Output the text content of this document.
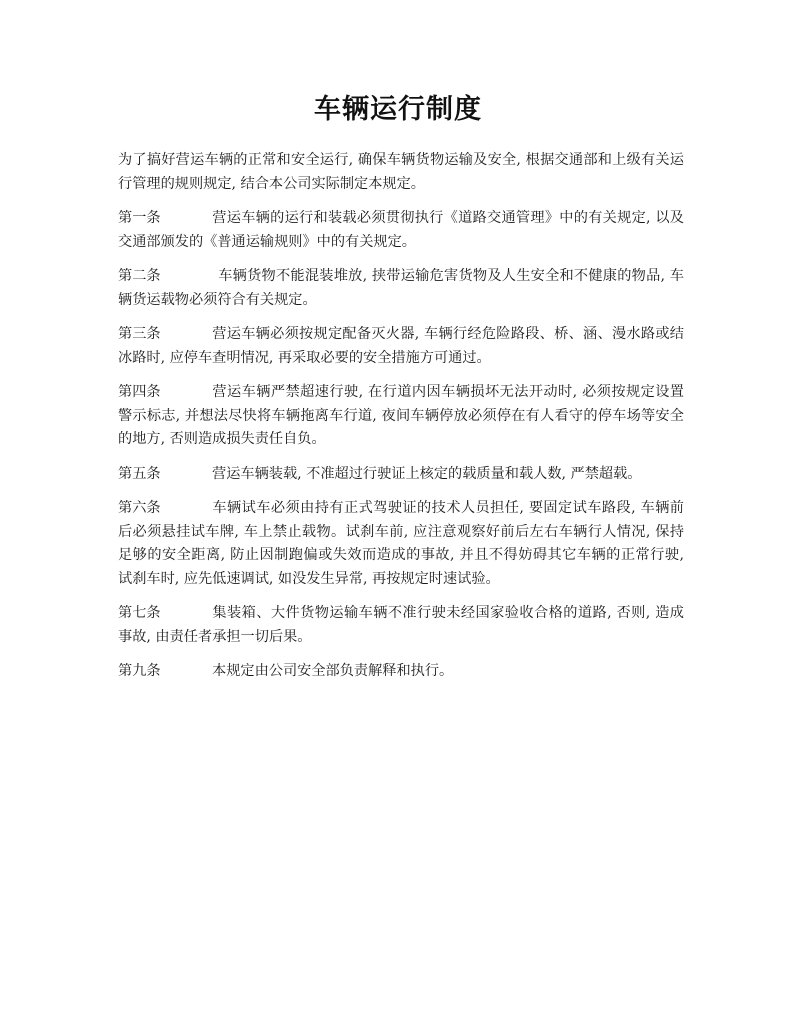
车辆运行制度

为了搞好营运车辆的正常和安全运行, 确保车辆货物运输及安全, 根据交通部和上级有关运行管理的规则规定, 结合本公司实际制定本规定。

第一条	营运车辆的运行和装载必须贯彻执行《道路交通管理》中的有关规定, 以及交通部颁发的《普通运输规则》中的有关规定。

第二条	车辆货物不能混装堆放, 挟带运输危害货物及人生安全和不健康的物品, 车辆货运载物必须符合有关规定。

第三条	营运车辆必须按规定配备灭火器, 车辆行经危险路段、桥、涵、漫水路或结冰路时, 应停车查明情况, 再采取必要的安全措施方可通过。

第四条	营运车辆严禁超速行驶, 在行道内因车辆损坏无法开动时, 必须按规定设置警示标志, 并想法尽快将车辆拖离车行道, 夜间车辆停放必须停在有人看守的停车场等安全的地方, 否则造成损失责任自负。

第五条	营运车辆装载, 不准超过行驶证上核定的载质量和载人数, 严禁超载。

第六条	车辆试车必须由持有正式驾驶证的技术人员担任, 要固定试车路段, 车辆前后必须悬挂试车牌, 车上禁止载物。试刹车前, 应注意观察好前后左右车辆行人情况, 保持足够的安全距离, 防止因制跑偏或失效而造成的事故, 并且不得妨碍其它车辆的正常行驶, 试刹车时, 应先低速调试, 如没发生异常, 再按规定时速试验。

第七条	集装箱、大件货物运输车辆不准行驶未经国家验收合格的道路, 否则, 造成事故, 由责任者承担一切后果。

第九条	本规定由公司安全部负责解释和执行。
